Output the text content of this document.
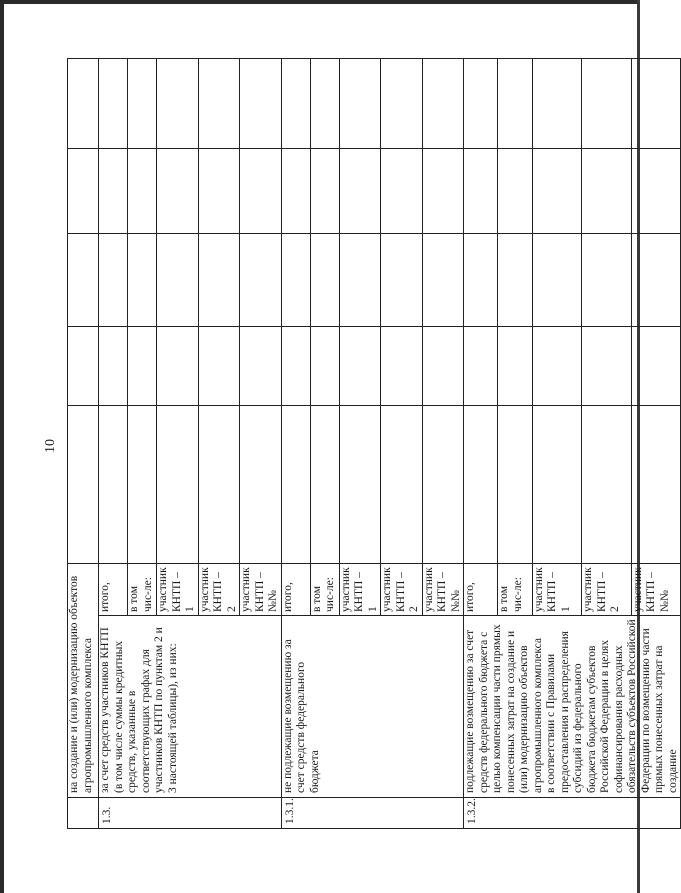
10
	на создание и (или) модернизацию объектов агропромышленного комплекса						
1.3.	за счет средств участников КНТП (в том числе суммы кредитных средств, указанные в соответствующих графах для участников КНТП по пунктам 2 и 3 настоящей таблицы), из них:	итого,					
		в том чис-ле:					
		участник КНТП – 1					
		участник КНТП – 2					
		участник КНТП – №№					
1.3.1.	не подлежащие возмещению за счет средств федерального бюджета	итого,					
		в том чис-ле:					
		участник КНТП – 1					
		участник КНТП – 2					
		участник КНТП – №№					
1.3.2.	подлежащие возмещению за счет средств федерального бюджета с целью компенсации части прямых понесенных затрат на создание и (или) модернизацию объектов агропромышленного комплекса в соответствии с Правилами предоставления и распределения субсидий из федерального бюджета бюджетам субъектов Российской Федерации в целях софинансирования расходных обязательств субъектов Российской Федерации по возмещению части прямых понесенных затрат на создание	итого,					
		в том чис-ле:					
		участник КНТП – 1					
		участник КНТП – 2					
		участник КНТП – №№					
